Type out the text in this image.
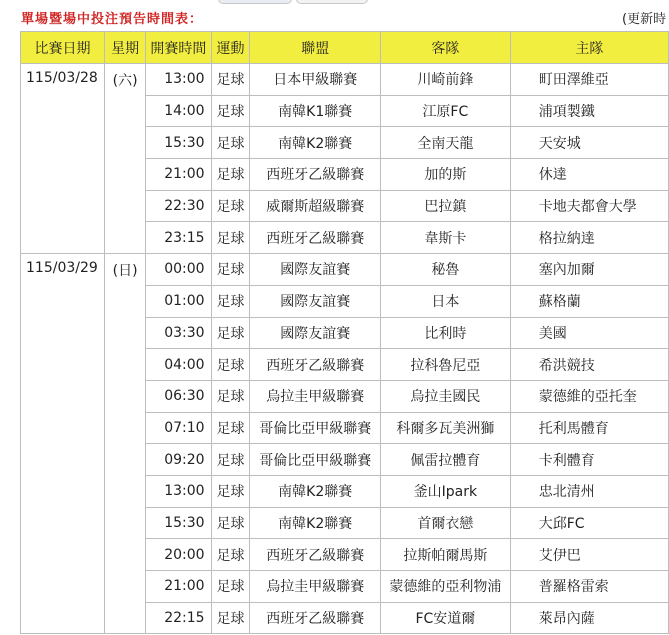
單場暨場中投注預告時間表：	(更新時
比賽日期	星期	開賽時間	運動	聯盟	客隊	主隊
115/03/28	(六)	13:00	足球	日本甲級聯賽	川崎前鋒	町田澤維亞
		14:00	足球	南韓K1聯賽	江原FC	浦項製鐵
		15:30	足球	南韓K2聯賽	全南天龍	天安城
		21:00	足球	西班牙乙級聯賽	加的斯	休達
		22:30	足球	威爾斯超級聯賽	巴拉鎮	卡地夫都會大學
		23:15	足球	西班牙乙級聯賽	韋斯卡	格拉納達
115/03/29	(日)	00:00	足球	國際友誼賽	秘魯	塞內加爾
		01:00	足球	國際友誼賽	日本	蘇格蘭
		03:30	足球	國際友誼賽	比利時	美國
		04:00	足球	西班牙乙級聯賽	拉科魯尼亞	希洪競技
		06:30	足球	烏拉圭甲級聯賽	烏拉圭國民	蒙德維的亞托奎
		07:10	足球	哥倫比亞甲級聯賽	科爾多瓦美洲獅	托利馬體育
		09:20	足球	哥倫比亞甲級聯賽	佩雷拉體育	卡利體育
		13:00	足球	南韓K2聯賽	釜山Ipark	忠北清州
		15:30	足球	南韓K2聯賽	首爾衣戀	大邱FC
		20:00	足球	西班牙乙級聯賽	拉斯帕爾馬斯	艾伊巴
		21:00	足球	烏拉圭甲級聯賽	蒙德維的亞利物浦	普羅格雷索
		22:15	足球	西班牙乙級聯賽	FC安道爾	萊昂內薩
